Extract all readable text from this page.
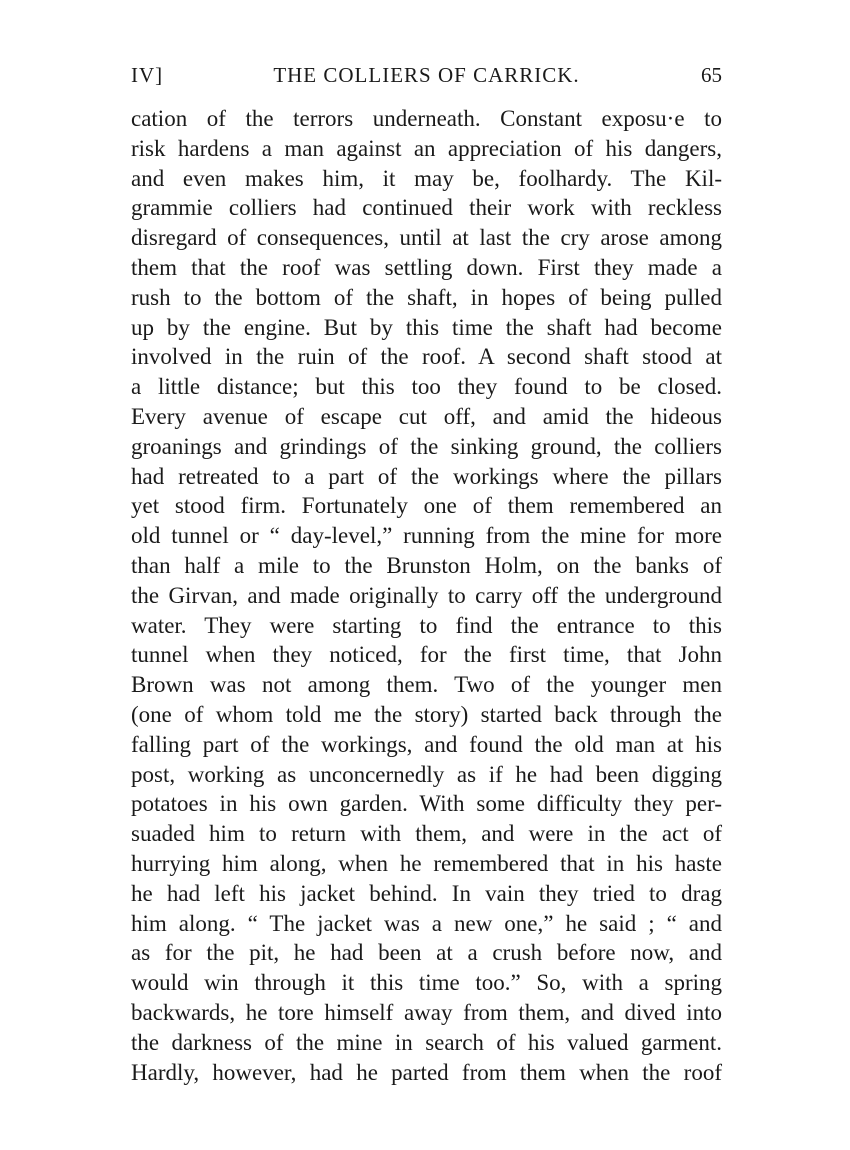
IV]	THE COLLIERS OF CARRICK.	65
cation of the terrors underneath. Constant exposu·e to
risk hardens a man against an appreciation of his dangers,
and even makes him, it may be, foolhardy. The Kil-
grammie colliers had continued their work with reckless
disregard of consequences, until at last the cry arose among
them that the roof was settling down. First they made a
rush to the bottom of the shaft, in hopes of being pulled
up by the engine. But by this time the shaft had become
involved in the ruin of the roof. A second shaft stood at
a little distance; but this too they found to be closed.
Every avenue of escape cut off, and amid the hideous
groanings and grindings of the sinking ground, the colliers
had retreated to a part of the workings where the pillars
yet stood firm. Fortunately one of them remembered an
old tunnel or “ day-level,” running from the mine for more
than half a mile to the Brunston Holm, on the banks of
the Girvan, and made originally to carry off the underground
water. They were starting to find the entrance to this
tunnel when they noticed, for the first time, that John
Brown was not among them. Two of the younger men
(one of whom told me the story) started back through the
falling part of the workings, and found the old man at his
post, working as unconcernedly as if he had been digging
potatoes in his own garden. With some difficulty they per-
suaded him to return with them, and were in the act of
hurrying him along, when he remembered that in his haste
he had left his jacket behind. In vain they tried to drag
him along. “ The jacket was a new one,” he said ; “ and
as for the pit, he had been at a crush before now, and
would win through it this time too.” So, with a spring
backwards, he tore himself away from them, and dived into
the darkness of the mine in search of his valued garment.
Hardly, however, had he parted from them when the roof
